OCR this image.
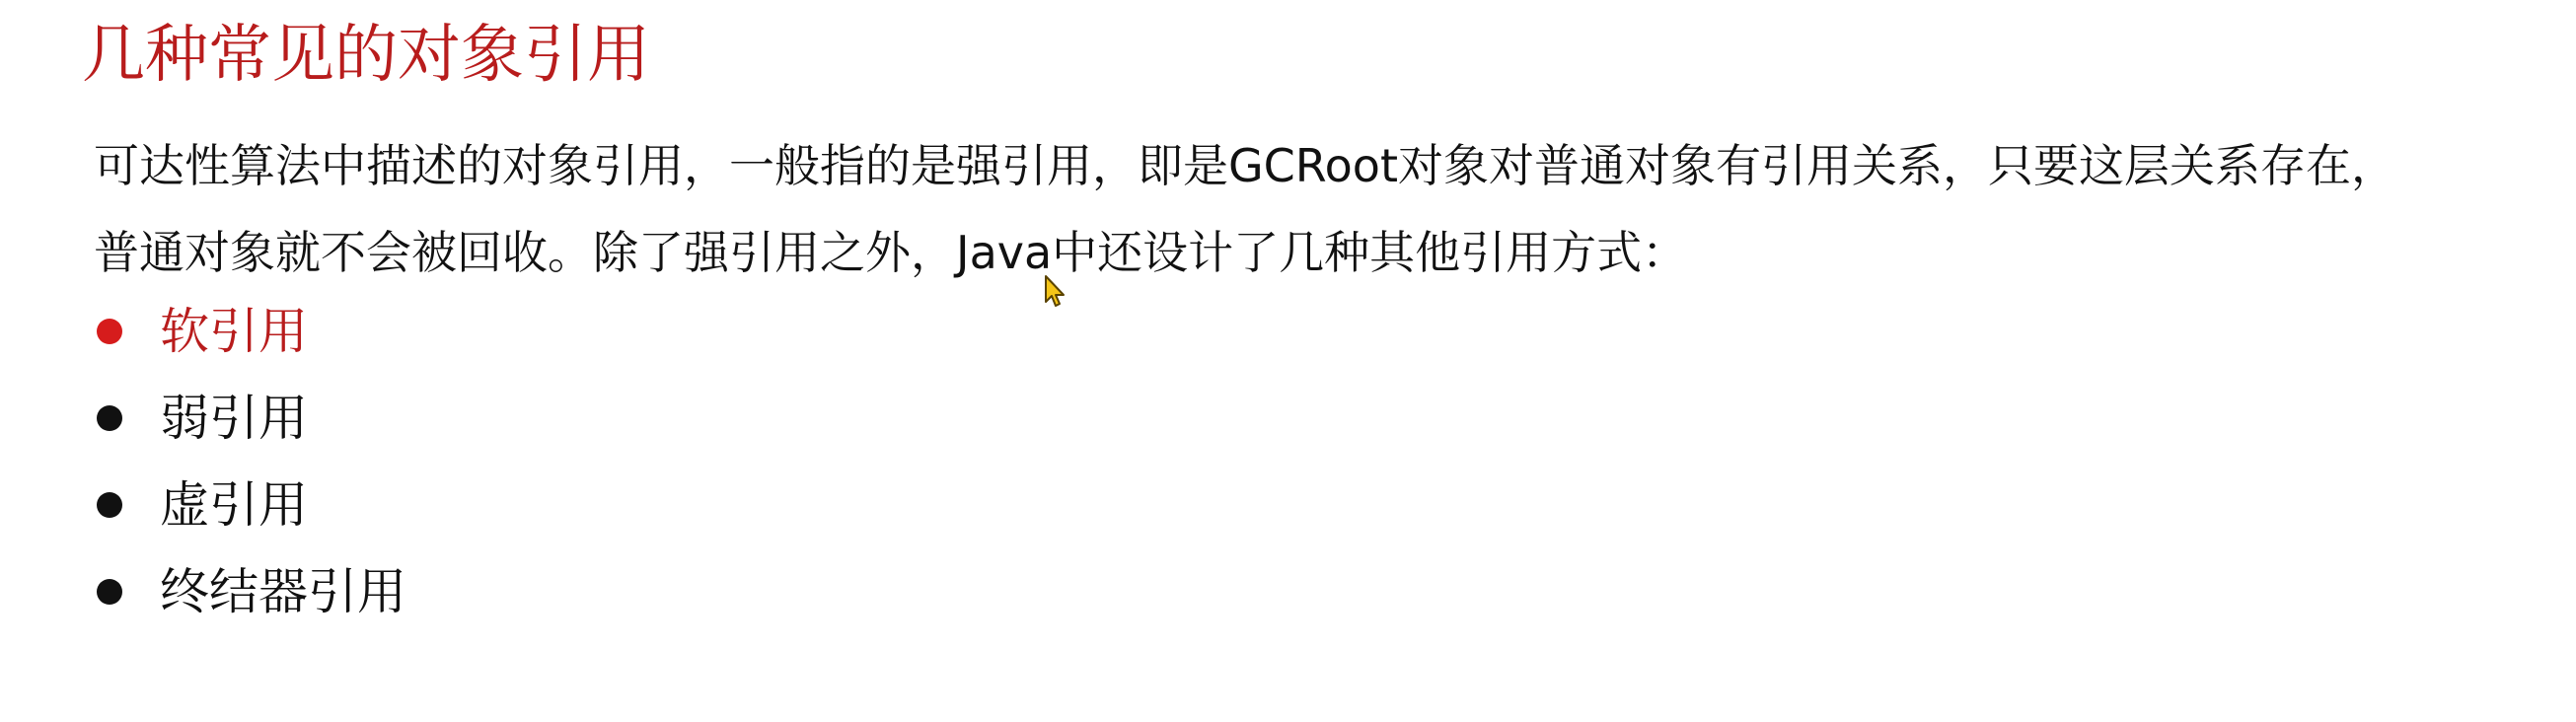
几种常见的对象引用
可达性算法中描述的对象引用，一般指的是强引用，即是GCRoot对象对普通对象有引用关系，只要这层关系存在，
普通对象就不会被回收。除了强引用之外，Java中还设计了几种其他引用方式：
软引用
弱引用
虚引用
终结器引用
